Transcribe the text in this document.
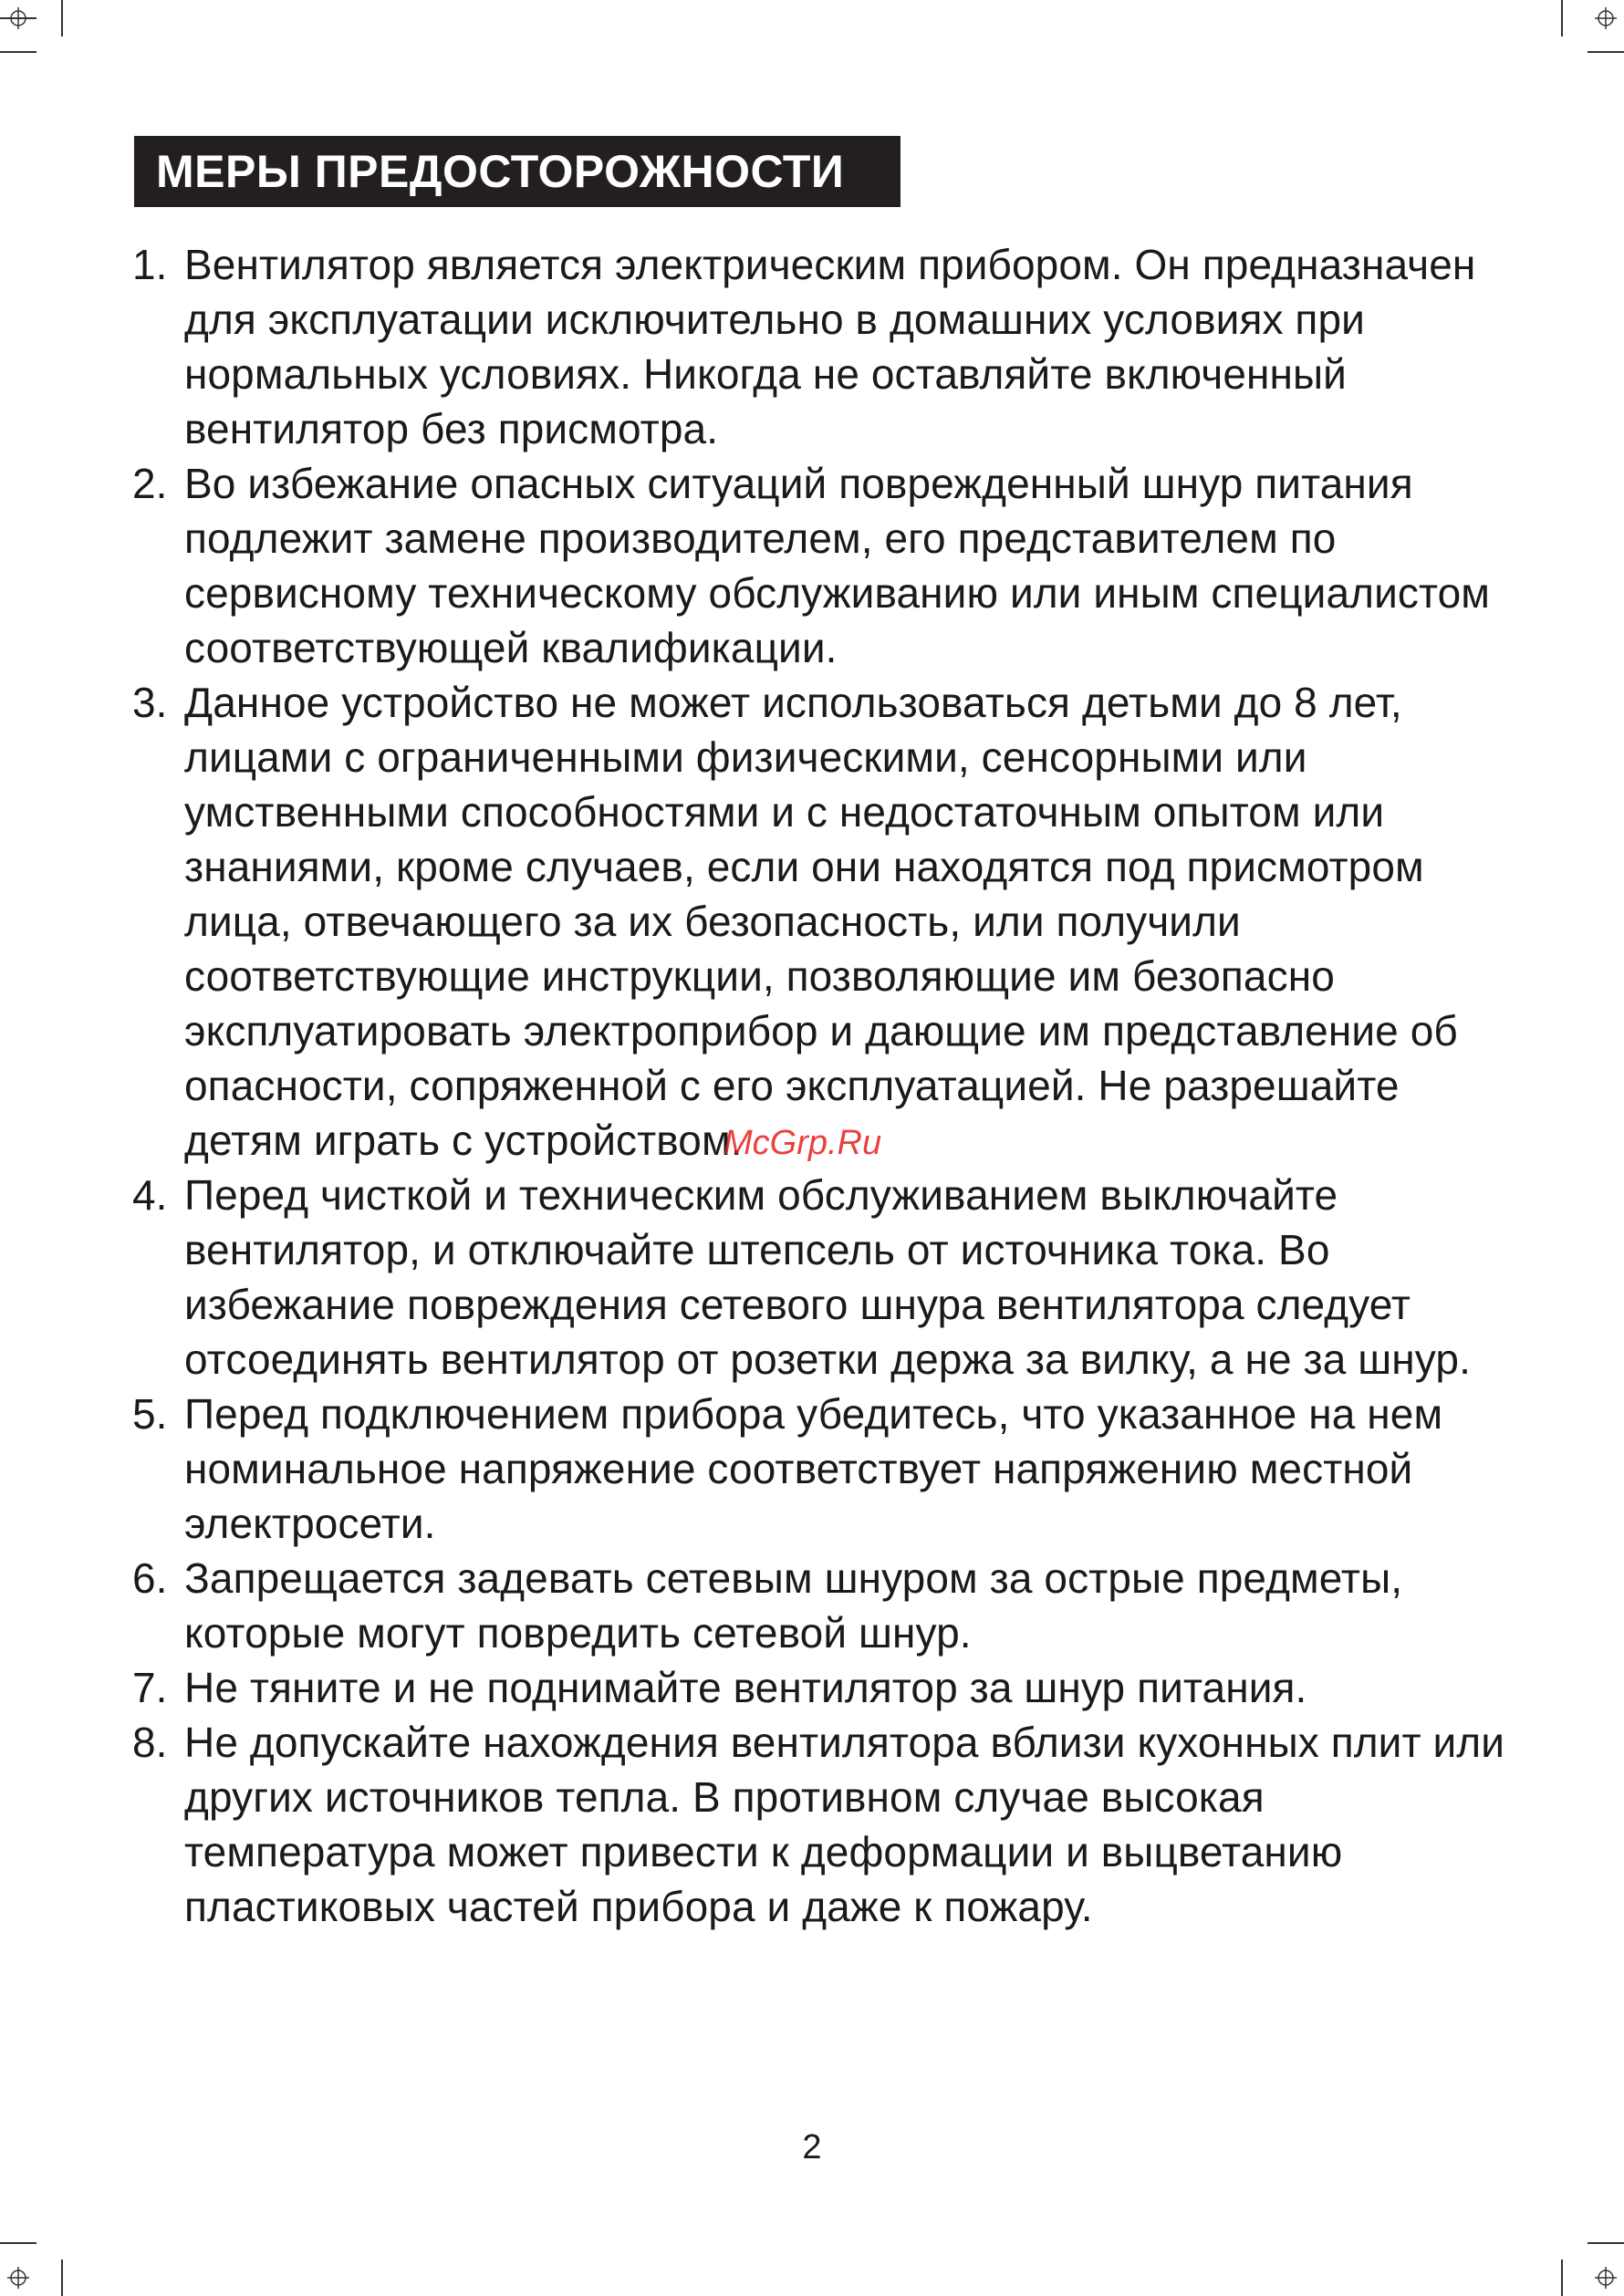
МЕРЫ ПРЕДОСТОРОЖНОСТИ
1. Вентилятор является электрическим прибором. Он предназначен для эксплуатации исключительно в домашних условиях при нормальных условиях. Никогда не оставляйте включенный вентилятор без присмотра.
2. Во избежание опасных ситуаций поврежденный шнур питания подлежит замене производителем, его представителем по сервисному техническому обслуживанию или иным специалистом соответствующей квалификации.
3. Данное устройство не может использоваться детьми до 8 лет, лицами с ограниченными физическими, сенсорными или умственными способностями и с недостаточным опытом или знаниями, кроме случаев, если они находятся под присмотром лица, отвечающего за их безопасность, или получили соответствующие инструкции, позволяющие им безопасно эксплуатировать электроприбор и дающие им представление об опасности, сопряженной с его эксплуатацией. Не разрешайте детям играть с устройством.
4. Перед чисткой и техническим обслуживанием выключайте вентилятор, и отключайте штепсель от источника тока. Во избежание повреждения сетевого шнура вентилятора следует отсоединять вентилятор от розетки держа за вилку, а не за шнур.
5. Перед подключением прибора убедитесь, что указанное на нем номинальное напряжение соответствует напряжению местной электросети.
6. Запрещается задевать сетевым шнуром за острые предметы, которые могут повредить сетевой шнур.
7. Не тяните и не поднимайте вентилятор за шнур питания.
8. Не допускайте нахождения вентилятора вблизи кухонных плит или других источников тепла. В противном случае высокая температура может привести к деформации и выцветанию пластиковых частей прибора и даже к пожару.
McGrp.Ru
2
